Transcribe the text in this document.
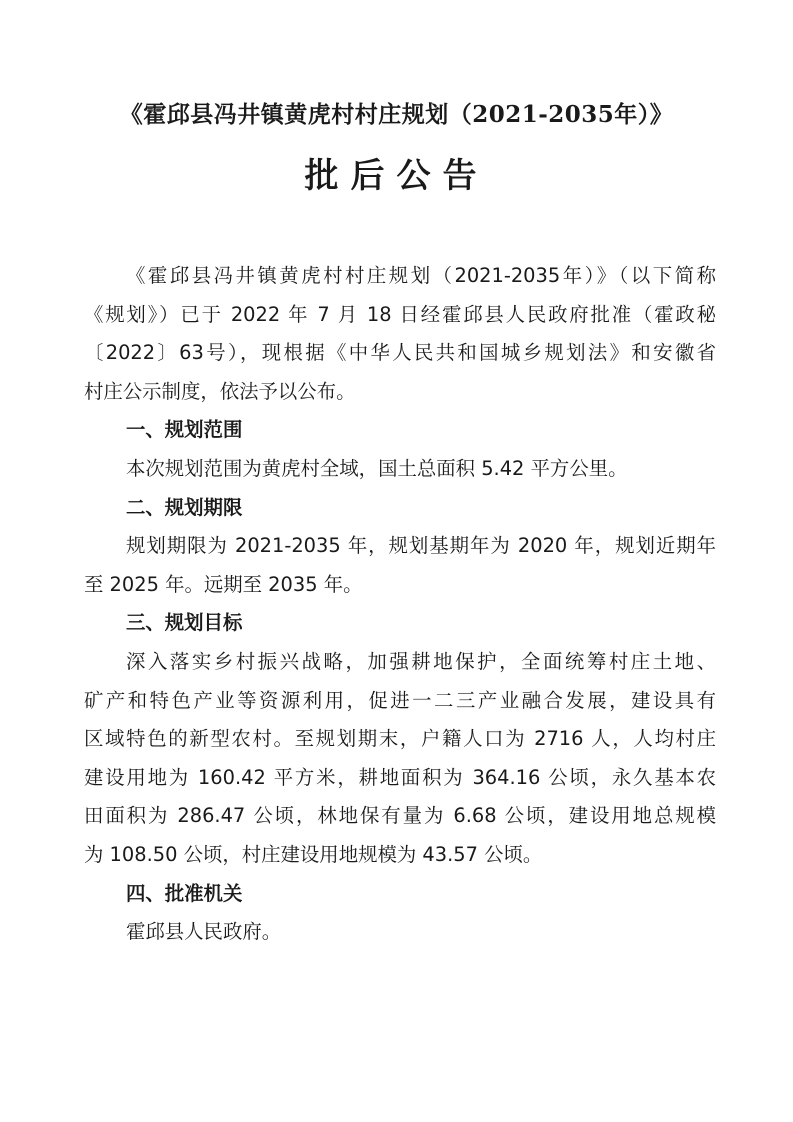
《霍邱县冯井镇黄虎村村庄规划（2021-2035年）》
批后公告
《霍邱县冯井镇黄虎村村庄规划（2021-2035年）》（以下简称
《规划》）已于 2022 年 7 月 18 日经霍邱县人民政府批准（霍政秘
〔2022〕63号），现根据《中华人民共和国城乡规划法》和安徽省
村庄公示制度，依法予以公布。
一、规划范围
本次规划范围为黄虎村全域，国土总面积 5.42 平方公里。
二、规划期限
规划期限为 2021-2035 年，规划基期年为 2020 年，规划近期年
至 2025 年。远期至 2035 年。
三、规划目标
深入落实乡村振兴战略，加强耕地保护，全面统筹村庄土地、
矿产和特色产业等资源利用，促进一二三产业融合发展，建设具有
区域特色的新型农村。至规划期末，户籍人口为 2716 人，人均村庄
建设用地为 160.42 平方米，耕地面积为 364.16 公顷，永久基本农
田面积为 286.47 公顷，林地保有量为 6.68 公顷，建设用地总规模
为 108.50 公顷，村庄建设用地规模为 43.57 公顷。
四、批准机关
霍邱县人民政府。
